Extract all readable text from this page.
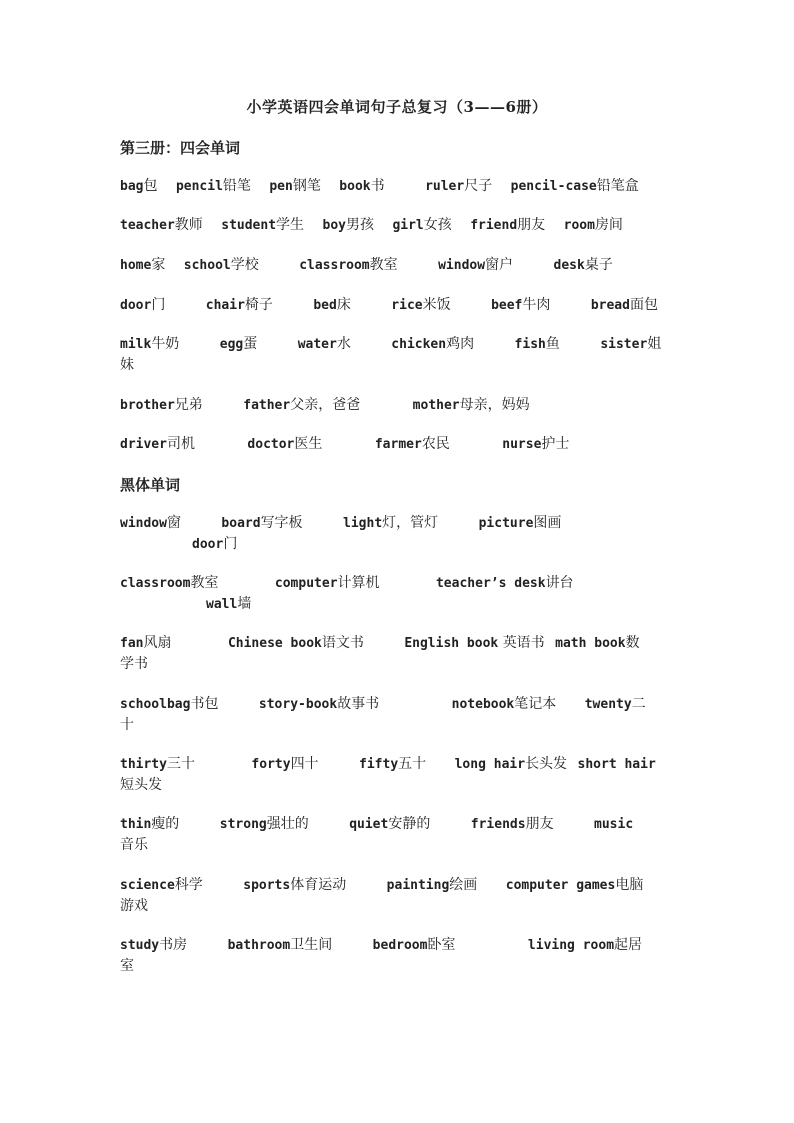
小学英语四会单词句子总复习（3——6册）
第三册：四会单词
bag包 pencil铅笔 pen钢笔 book书	ruler尺子 pencil-case铅笔盒
teacher教师 student学生 boy男孩 girl女孩 friend朋友 room房间
home家 school学校	classroom教室	window窗户	desk桌子
door门	chair椅子	bed床	rice米饭	beef牛肉	bread面包
milk牛奶	egg蛋	water水	chicken鸡肉	fish鱼	sister姐
妹
brother兄弟	father父亲，爸爸	mother母亲，妈妈
driver司机	doctor医生	farmer农民	nurse护士
黑体单词
window窗	board写字板	light灯，管灯	picture图画
door门
classroom教室	computer计算机	teacher’s desk讲台
wall墙
fan风扇	Chinese book语文书	English book 英语书 math book数
学书
schoolbag书包	story-book故事书	notebook笔记本 twenty二
十
thirty三十	forty四十	fifty五十 long hair长头发 short hair
短头发
thin瘦的	strong强壮的	quiet安静的	friends朋友	music
音乐
science科学	sports体育运动	painting绘画 computer games电脑
游戏
study书房	bathroom卫生间	bedroom卧室	living room起居
室
